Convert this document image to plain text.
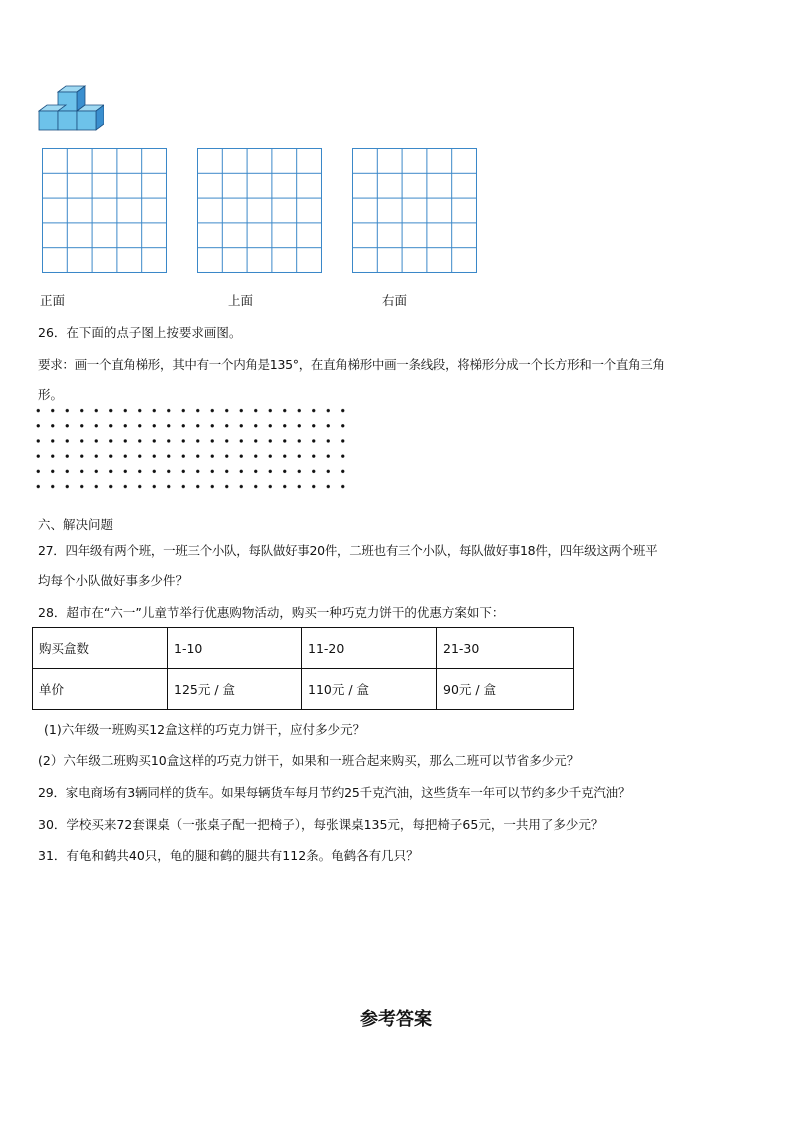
正面	上面	右面
26．在下面的点子图上按要求画图。
要求：画一个直角梯形，其中有一个内角是135°，在直角梯形中画一条线段，将梯形分成一个长方形和一个直角三角
形。
六、解决问题
27．四年级有两个班，一班三个小队，每队做好事20件，二班也有三个小队，每队做好事18件，四年级这两个班平
均每个小队做好事多少件？
28．超市在“六一”儿童节举行优惠购物活动，购买一种巧克力饼干的优惠方案如下：
购买盒数	1-10	11-20	21-30
单价	125元 / 盒	110元 / 盒	90元 / 盒
(1)六年级一班购买12盒这样的巧克力饼干，应付多少元？
(2）六年级二班购买10盒这样的巧克力饼干，如果和一班合起来购买，那么二班可以节省多少元？
29．家电商场有3辆同样的货车。如果每辆货车每月节约25千克汽油，这些货车一年可以节约多少千克汽油？
30．学校买来72套课桌（一张桌子配一把椅子），每张课桌135元，每把椅子65元，一共用了多少元？
31．有龟和鹤共40只，龟的腿和鹤的腿共有112条。龟鹤各有几只？
参考答案
